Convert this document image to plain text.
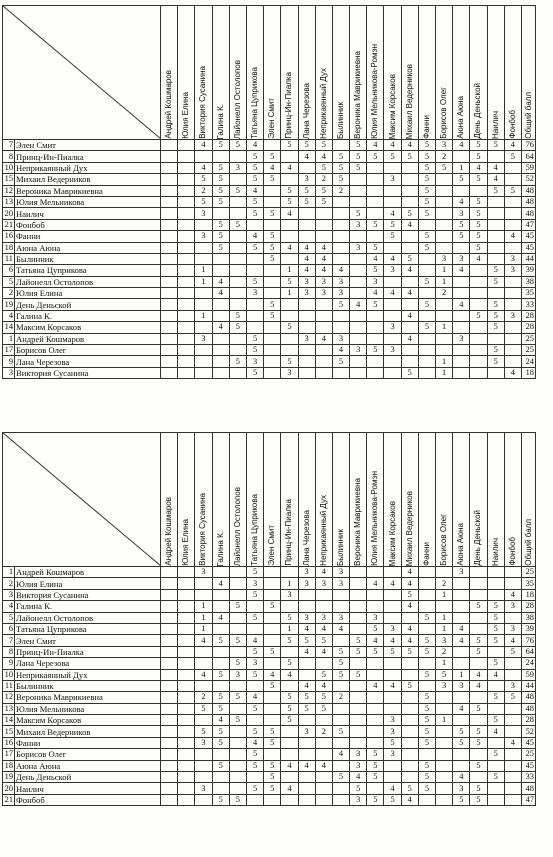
Андрей Кошмаров	Юлия Елина	Виктория Сусанина	Галина К.	Лайонелл Остолопов	Татьяна Цуприкова	Элен Смит	Принц-Ин-Пиалка	Лана Черезова	Неприкаянный Дух	Былинник	Вероника Маврикиевна	Юлия Мельникова-Ромэн	Максим Корсаков	Михаил Ведерников	Фанни	Борисов Олег	Аюна Аюна	День Деньской	Наилич	Фонбоб	Общий балл

7	Элен Смит			4	5	5	4		5	5	5		5	4	4	4	5	3	4	5	5	4	76
8	Принц-Ин-Пиалка						5	5		4	4	5	5	5	5	5	5	2		5		5	64
10	Неприкаянный Дух			4	5	3	5	4	4		5	5	5				5	5	1	4	4		59
15	Михаил Ведерников			5	5		5	5		3	2	5			3		5		5	5	4		52
12	Вероника Маврикиевна			2	5	5	4		5	5	5	2					5				5	5	48
13	Юлия Мельникова			5	5		5		5	5	5						5		4	5			48
20	Наилич			3			5	5	4				5		4	5	5		3	5			48
21	Фонбоб				5	5							3	5	5	4			5	5			47
16	Фанни			3	5		4	5							5		5		5	5		4	45
18	Аюна Аюна				5		5	5	4	4	4		3	5			5			5			45
11	Былинник							5		4	4			4	4	5		3	3	4		3	44
6	Татьяна Цуприкова			1					1	4	4	4		5	3	4		1	4		5	3	39
5	Лайонелл Остолопов			1	4		5		5	3	3	3		3			5	1			5		38
2	Юлия Елина				4		3		1	3	3	3		4	4	4		2					35
19	День Деньской							5				5	4	5			5		4		5		33
4	Галина К.			1		5		5								4				5	5	3	28
14	Максим Корсаков				4	5			5						3		5	1			5		28
1	Андрей Кошмаров			3			5			3	4	3				4			3				25
17	Борисов Олег						5					4	3	5	3						5		25
9	Лана Черезова					5	3		5			5						1			5		24
3	Виктория Сусанина						5		3							5		1				4	18

Андрей Кошмаров	Юлия Елина	Виктория Сусанина	Галина К.	Лайонелл Остолопов	Татьяна Цуприкова	Элен Смит	Принц-Ин-Пиалка	Лана Черезова	Неприкаянный Дух	Былинник	Вероника Маврикиевна	Юлия Мельникова-Ромэн	Максим Корсаков	Михаил Ведерников	Фанни	Борисов Олег	Аюна Аюна	День Деньской	Наилич	Фонбоб	Общий балл

1	Андрей Кошмаров			3			5			3	4	3				4			3				25
2	Юлия Елина				4		3		1	3	3	3		4	4	4		2					35
3	Виктория Сусанина						5		3							5		1				4	18
4	Галина К.			1		5		5								4				5	5	3	28
5	Лайонелл Остолопов			1	4		5		5	3	3	3		3			5	1			5		38
6	Татьяна Цуприкова			1					1	4	4	4		5	3	4		1	4		5	3	39
7	Элен Смит			4	5	5	4		5	5	5		5	4	4	4	5	3	4	5	5	4	76
8	Принц-Ин-Пиалка						5	5		4	4	5	5	5	5	5	5	2		5		5	64
9	Лана Черезова					5	3		5			5						1			5		24
10	Неприкаянный Дух			4	5	3	5	4	4		5	5	5				5	5	1	4	4		59
11	Былинник							5		4	4			4	4	5		3	3	4		3	44
12	Вероника Маврикиевна			2	5	5	4		5	5	5	2					5				5	5	48
13	Юлия Мельникова			5	5		5		5	5	5						5		4	5			48
14	Максим Корсаков				4	5			5						3		5	1			5		28
15	Михаил Ведерников			5	5		5	5		3	2	5			3		5		5	5	4		52
16	Фанни			3	5		4	5							5		5		5	5		4	45
17	Борисов Олег						5					4	3	5	3						5		25
18	Аюна Аюна				5		5	5	4	4	4		3	5			5			5			45
19	День Деньской							5				5	4	5			5		4		5		33
20	Наилич			3			5	5	4				5		4	5	5		3	5			48
21	Фонбоб				5	5							3	5	5	4			5	5			47
